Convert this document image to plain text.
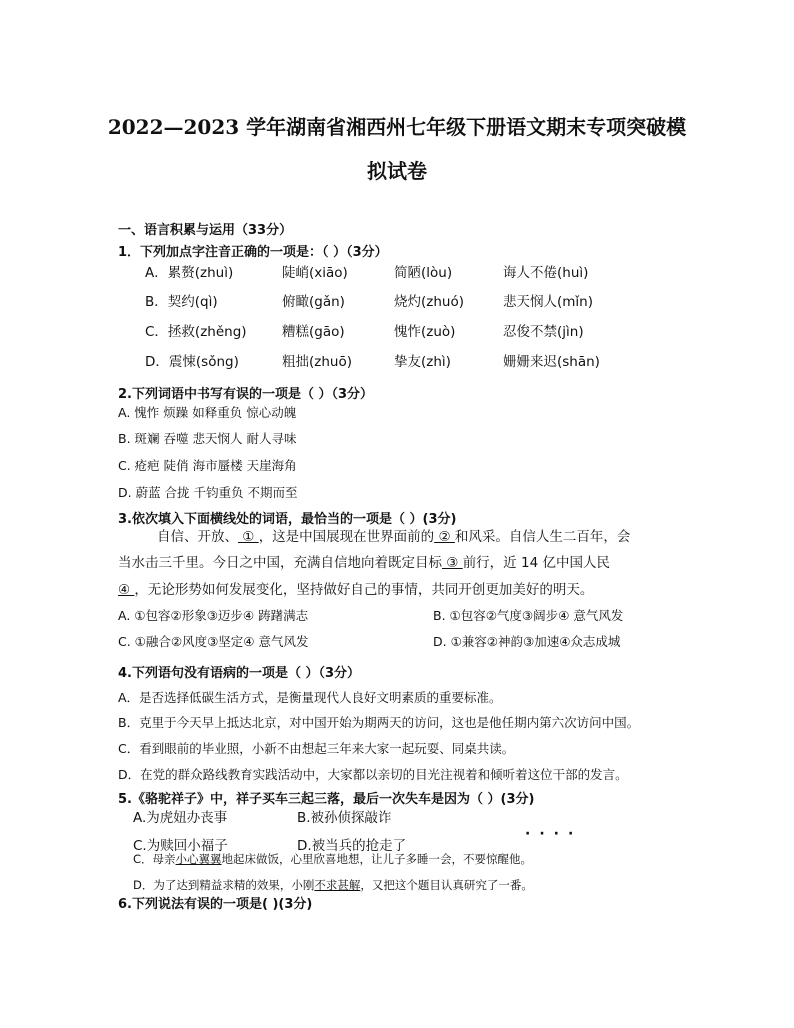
2022—2023 学年湖南省湘西州七年级下册语文期末专项突破模
拟试卷
一、语言积累与运用（33分）
1．下列加点字注音正确的一项是：（ ）（3分）
A．累赘(zhuì)	陡峭(xiāo)	简陋(lòu)	诲人不倦(huì)
B．契约(qì)	俯瞰(gǎn)	烧灼(zhuó)	悲天悯人(mǐn)
C．拯救(zhěng)	糟糕(gāo)	愧怍(zuò)	忍俊不禁(jìn)
D．震悚(sǒng)	粗拙(zhuō)	挚友(zhì)	姗姗来迟(shān)
2.下列词语中书写有误的一项是（ ）（3分）
A. 愧怍 烦躁 如释重负 惊心动魄
B. 斑斓 吞噬 悲天悯人 耐人寻味
C. 疮疤 陡俏 海市蜃楼 天崖海角
D. 蔚蓝 合拢 千钧重负 不期而至
3.依次填入下面横线处的词语，最恰当的一项是（ ）(3分)
自信、开放、 ① ，这是中国展现在世界面前的 ② 和风采。自信人生二百年，会
当水击三千里。今日之中国，充满自信地向着既定目标 ③ 前行，近 14 亿中国人民
④ ，无论形势如何发展变化，坚持做好自己的事情，共同开创更加美好的明天。
A. ①包容②形象③迈步④ 踌躇满志	B. ①包容②气度③阔步④ 意气风发
C. ①融合②风度③坚定④ 意气风发	D. ①兼容②神韵③加速④众志成城
4.下列语句没有语病的一项是（ ）（3分）
A．是否选择低碳生活方式，是衡量现代人良好文明素质的重要标准。
B．克里于今天早上抵达北京，对中国开始为期两天的访问，这也是他任期内第六次访问中国。
C．看到眼前的毕业照，小新不由想起三年来大家一起玩耍、同桌共读。
D．在党的群众路线教育实践活动中，大家都以亲切的目光注视着和倾听着这位干部的发言。
5.《骆驼祥子》中，祥子买车三起三落，最后一次失车是因为（ ）(3分)
A.为虎妞办丧事	B.被孙侦探敲诈
C.为赎回小福子	D.被当兵的抢走了
····
C．母亲小心翼翼地起床做饭，心里欣喜地想，让儿子多睡一会，不要惊醒他。
D．为了达到精益求精的效果，小刚不求甚解，又把这个题目认真研究了一番。
6.下列说法有误的一项是( )(3分)
